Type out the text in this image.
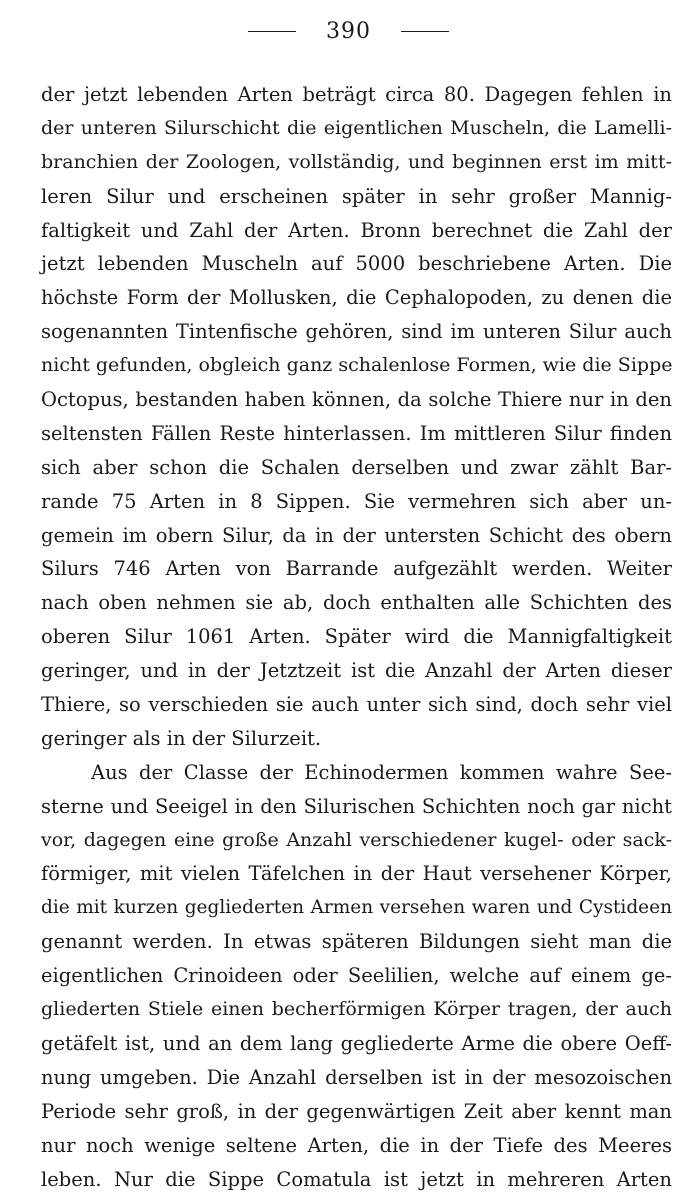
390
der jetzt lebenden Arten beträgt circa 80. Dagegen fehlen in
der unteren Silurschicht die eigentlichen Muscheln, die Lamelli-
branchien der Zoologen, vollständig, und beginnen erst im mitt-
leren Silur und erscheinen später in sehr großer Mannig-
faltigkeit und Zahl der Arten. Bronn berechnet die Zahl der
jetzt lebenden Muscheln auf 5000 beschriebene Arten. Die
höchste Form der Mollusken, die Cephalopoden, zu denen die
sogenannten Tintenfische gehören, sind im unteren Silur auch
nicht gefunden, obgleich ganz schalenlose Formen, wie die Sippe
Octopus, bestanden haben können, da solche Thiere nur in den
seltensten Fällen Reste hinterlassen. Im mittleren Silur finden
sich aber schon die Schalen derselben und zwar zählt Bar-
rande 75 Arten in 8 Sippen. Sie vermehren sich aber un-
gemein im obern Silur, da in der untersten Schicht des obern
Silurs 746 Arten von Barrande aufgezählt werden. Weiter
nach oben nehmen sie ab, doch enthalten alle Schichten des
oberen Silur 1061 Arten. Später wird die Mannigfaltigkeit
geringer, und in der Jetztzeit ist die Anzahl der Arten dieser
Thiere, so verschieden sie auch unter sich sind, doch sehr viel
geringer als in der Silurzeit.
Aus der Classe der Echinodermen kommen wahre See-
sterne und Seeigel in den Silurischen Schichten noch gar nicht
vor, dagegen eine große Anzahl verschiedener kugel- oder sack-
förmiger, mit vielen Täfelchen in der Haut versehener Körper,
die mit kurzen gegliederten Armen versehen waren und Cystideen
genannt werden. In etwas späteren Bildungen sieht man die
eigentlichen Crinoideen oder Seelilien, welche auf einem ge-
gliederten Stiele einen becherförmigen Körper tragen, der auch
getäfelt ist, und an dem lang gegliederte Arme die obere Oeff-
nung umgeben. Die Anzahl derselben ist in der mesozoischen
Periode sehr groß, in der gegenwärtigen Zeit aber kennt man
nur noch wenige seltene Arten, die in der Tiefe des Meeres
leben. Nur die Sippe Comatula ist jetzt in mehreren Arten
